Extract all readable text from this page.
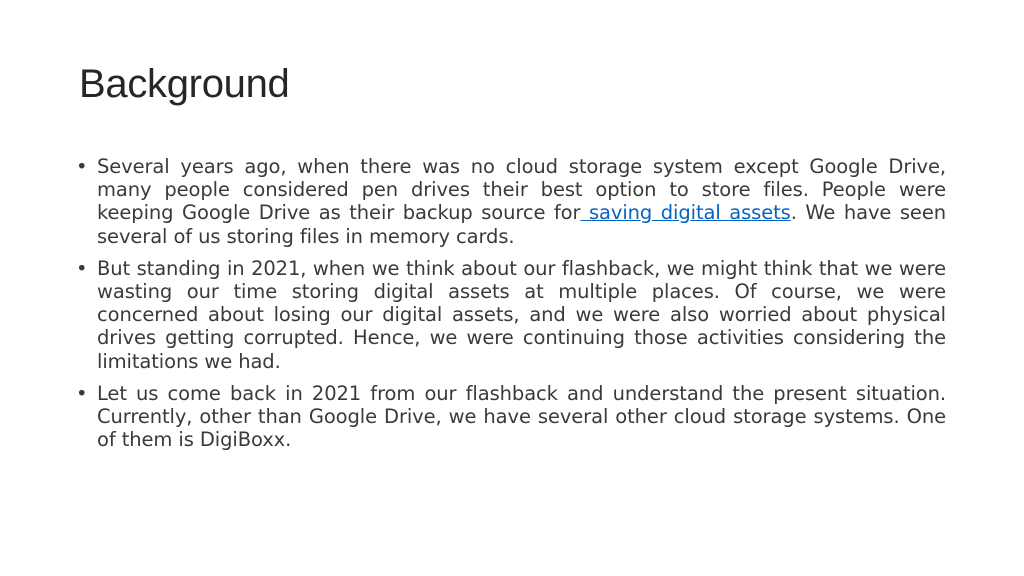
Background
• Several years ago, when there was no cloud storage system except Google Drive, many people considered pen drives their best option to store files. People were keeping Google Drive as their backup source for saving digital assets. We have seen several of us storing files in memory cards.
• But standing in 2021, when we think about our flashback, we might think that we were wasting our time storing digital assets at multiple places. Of course, we were concerned about losing our digital assets, and we were also worried about physical drives getting corrupted. Hence, we were continuing those activities considering the limitations we had.
• Let us come back in 2021 from our flashback and understand the present situation. Currently, other than Google Drive, we have several other cloud storage systems. One of them is DigiBoxx.
